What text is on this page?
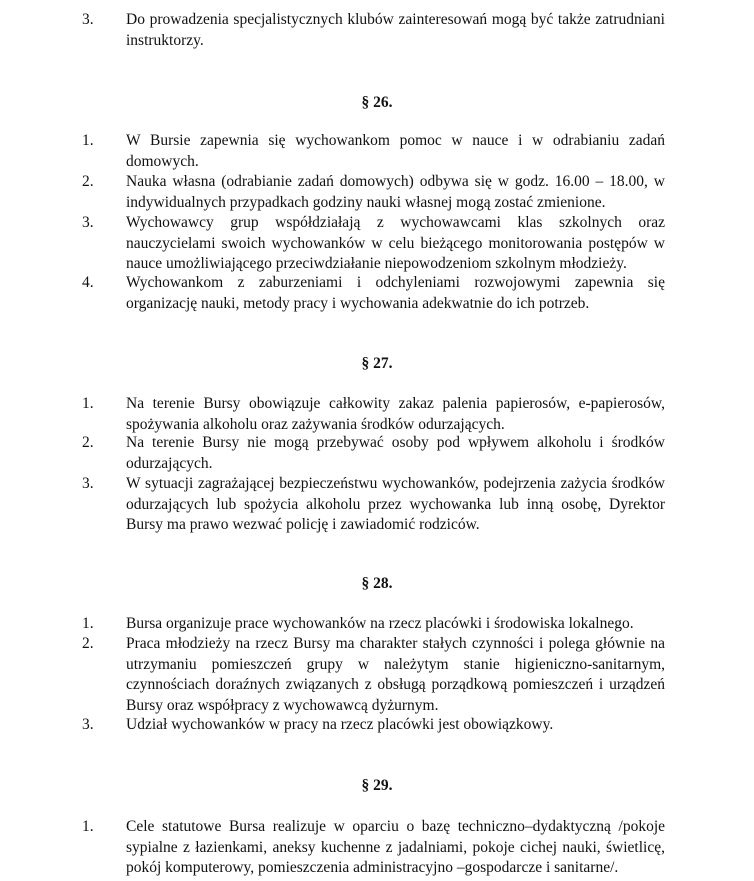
3. Do prowadzenia specjalistycznych klubów zainteresowań mogą być także zatrudniani instruktorzy.
§ 26.
1. W Bursie zapewnia się wychowankom pomoc w nauce i w odrabianiu zadań domowych.
2. Nauka własna (odrabianie zadań domowych) odbywa się w godz. 16.00 – 18.00, w indywidualnych przypadkach godziny nauki własnej mogą zostać zmienione.
3. Wychowawcy grup współdziałają z wychowawcami klas szkolnych oraz nauczycielami swoich wychowanków w celu bieżącego monitorowania postępów w nauce umożliwiającego przeciwdziałanie niepowodzeniom szkolnym młodzieży.
4. Wychowankom z zaburzeniami i odchyleniami rozwojowymi zapewnia się organizację nauki, metody pracy i wychowania adekwatnie do ich potrzeb.
§ 27.
1. Na terenie Bursy obowiązuje całkowity zakaz palenia papierosów, e-papierosów, spożywania alkoholu oraz zażywania środków odurzających.
2. Na terenie Bursy nie mogą przebywać osoby pod wpływem alkoholu i środków odurzających.
3. W sytuacji zagrażającej bezpieczeństwu wychowanków, podejrzenia zażycia środków odurzających lub spożycia alkoholu przez wychowanka lub inną osobę, Dyrektor Bursy ma prawo wezwać policję i zawiadomić rodziców.
§ 28.
1. Bursa organizuje prace wychowanków na rzecz placówki i środowiska lokalnego.
2. Praca młodzieży na rzecz Bursy ma charakter stałych czynności i polega głównie na utrzymaniu pomieszczeń grupy w należytym stanie higieniczno-sanitarnym, czynnościach doraźnych związanych z obsługą porządkową pomieszczeń i urządzeń Bursy oraz współpracy z wychowawcą dyżurnym.
3. Udział wychowanków w pracy na rzecz placówki jest obowiązkowy.
§ 29.
1. Cele statutowe Bursa realizuje w oparciu o bazę techniczno–dydaktyczną /pokoje sypialne z łazienkami, aneksy kuchenne z jadalniami, pokoje cichej nauki, świetlicę, pokój komputerowy, pomieszczenia administracyjno –gospodarcze i sanitarne/.
